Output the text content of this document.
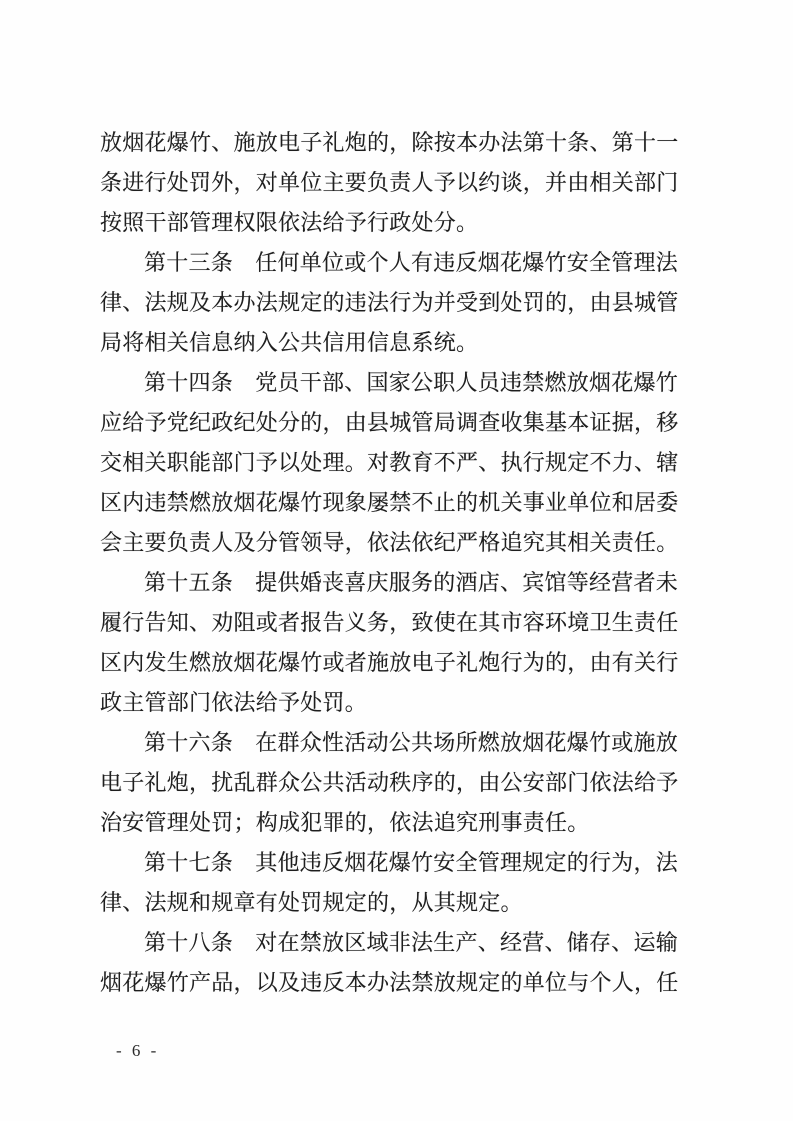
放烟花爆竹、施放电子礼炮的，除按本办法第十条、第十一
条进行处罚外，对单位主要负责人予以约谈，并由相关部门
按照干部管理权限依法给予行政处分。
第十三条　任何单位或个人有违反烟花爆竹安全管理法
律、法规及本办法规定的违法行为并受到处罚的，由县城管
局将相关信息纳入公共信用信息系统。
第十四条　党员干部、国家公职人员违禁燃放烟花爆竹
应给予党纪政纪处分的，由县城管局调查收集基本证据，移
交相关职能部门予以处理。对教育不严、执行规定不力、辖
区内违禁燃放烟花爆竹现象屡禁不止的机关事业单位和居委
会主要负责人及分管领导，依法依纪严格追究其相关责任。
第十五条　提供婚丧喜庆服务的酒店、宾馆等经营者未
履行告知、劝阻或者报告义务，致使在其市容环境卫生责任
区内发生燃放烟花爆竹或者施放电子礼炮行为的，由有关行
政主管部门依法给予处罚。
第十六条　在群众性活动公共场所燃放烟花爆竹或施放
电子礼炮，扰乱群众公共活动秩序的，由公安部门依法给予
治安管理处罚；构成犯罪的，依法追究刑事责任。
第十七条　其他违反烟花爆竹安全管理规定的行为，法
律、法规和规章有处罚规定的，从其规定。
第十八条　对在禁放区域非法生产、经营、储存、运输
烟花爆竹产品，以及违反本办法禁放规定的单位与个人，任
- 6 -
